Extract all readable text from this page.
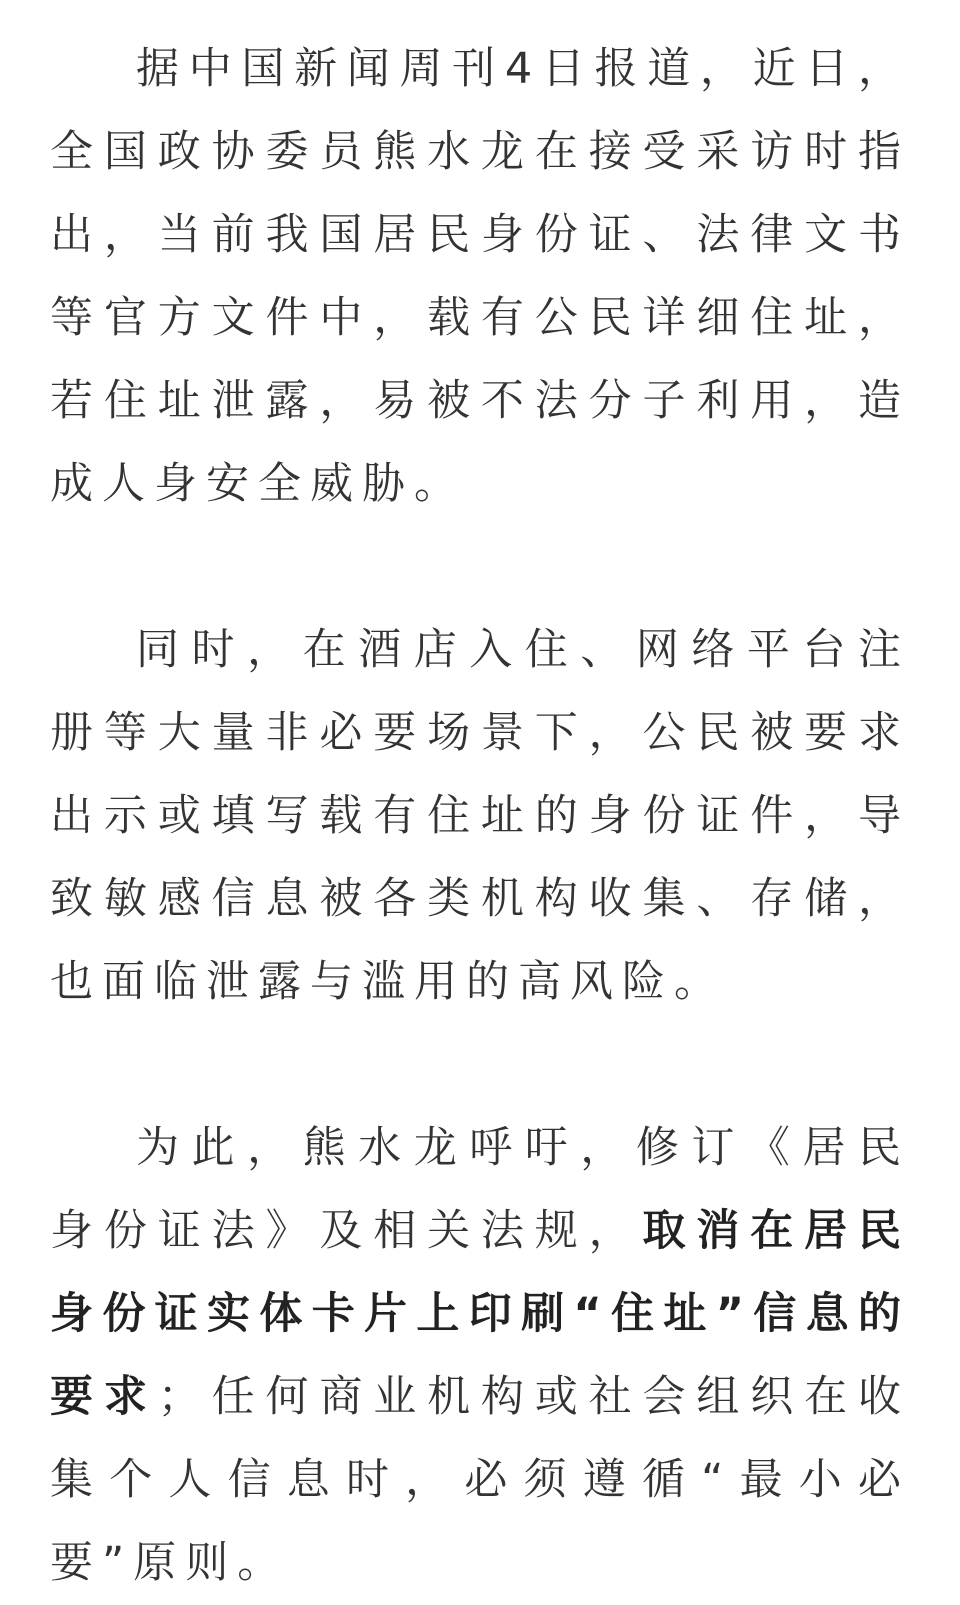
据中国新闻周刊4日报道，近日，全国政协委员熊水龙在接受采访时指出，当前我国居民身份证、法律文书等官方文件中，载有公民详细住址，若住址泄露，易被不法分子利用，造成人身安全威胁。

同时，在酒店入住、网络平台注册等大量非必要场景下，公民被要求出示或填写载有住址的身份证件，导致敏感信息被各类机构收集、存储，也面临泄露与滥用的高风险。

为此，熊水龙呼吁，修订《居民身份证法》及相关法规，取消在居民身份证实体卡片上印刷“住址”信息的要求；任何商业机构或社会组织在收集个人信息时，必须遵循“最小必要”原则。
